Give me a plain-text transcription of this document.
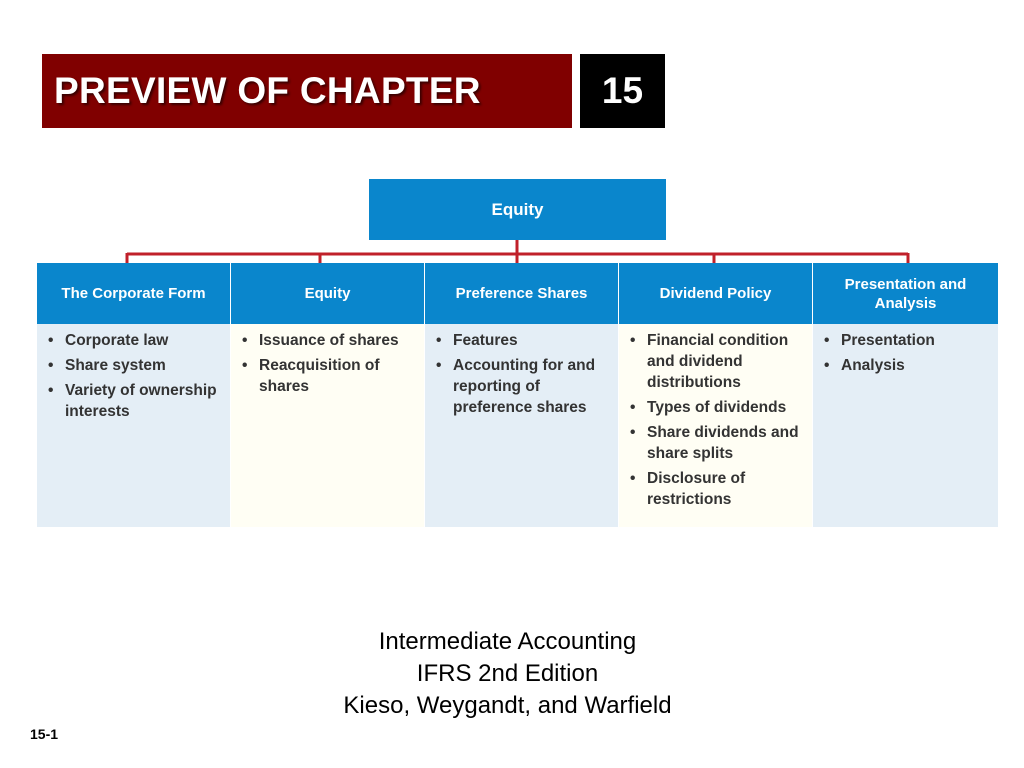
PREVIEW OF CHAPTER	15
Equity
The Corporate Form
• Corporate law
• Share system
• Variety of ownership interests
Equity
• Issuance of shares
• Reacquisition of shares
Preference Shares
• Features
• Accounting for and reporting of preference shares
Dividend Policy
• Financial condition and dividend distributions
• Types of dividends
• Share dividends and share splits
• Disclosure of restrictions
Presentation and
Analysis
• Presentation
• Analysis
Intermediate Accounting
IFRS 2nd Edition
Kieso, Weygandt, and Warfield
15-1
